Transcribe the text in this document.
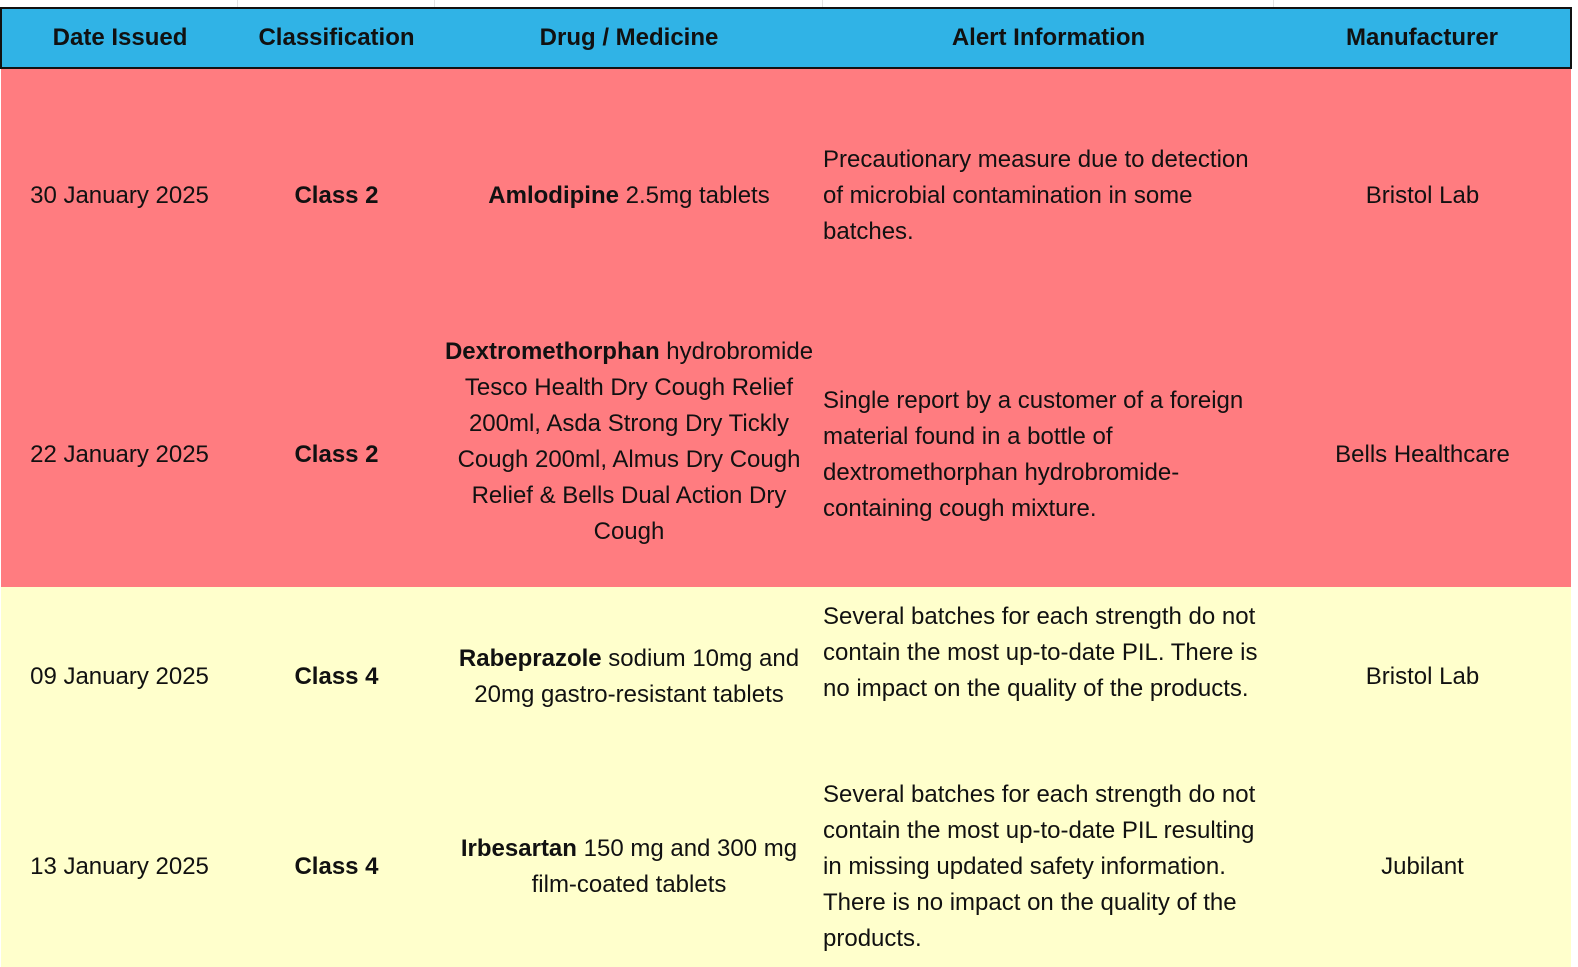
Date Issued	Classification	Drug / Medicine	Alert Information	Manufacturer
30 January 2025	Class 2	Amlodipine 2.5mg tablets	Precautionary measure due to detection of microbial contamination in some batches.	Bristol Lab
22 January 2025	Class 2	Dextromethorphan hydrobromide Tesco Health Dry Cough Relief 200ml, Asda Strong Dry Tickly Cough 200ml, Almus Dry Cough Relief & Bells Dual Action Dry Cough	Single report by a customer of a foreign material found in a bottle of dextromethorphan hydrobromide-containing cough mixture.	Bells Healthcare
09 January 2025	Class 4	Rabeprazole sodium 10mg and 20mg gastro-resistant tablets	Several batches for each strength do not contain the most up-to-date PIL. There is no impact on the quality of the products.	Bristol Lab
13 January 2025	Class 4	Irbesartan 150 mg and 300 mg film-coated tablets	Several batches for each strength do not contain the most up-to-date PIL resulting in missing updated safety information. There is no impact on the quality of the products.	Jubilant
